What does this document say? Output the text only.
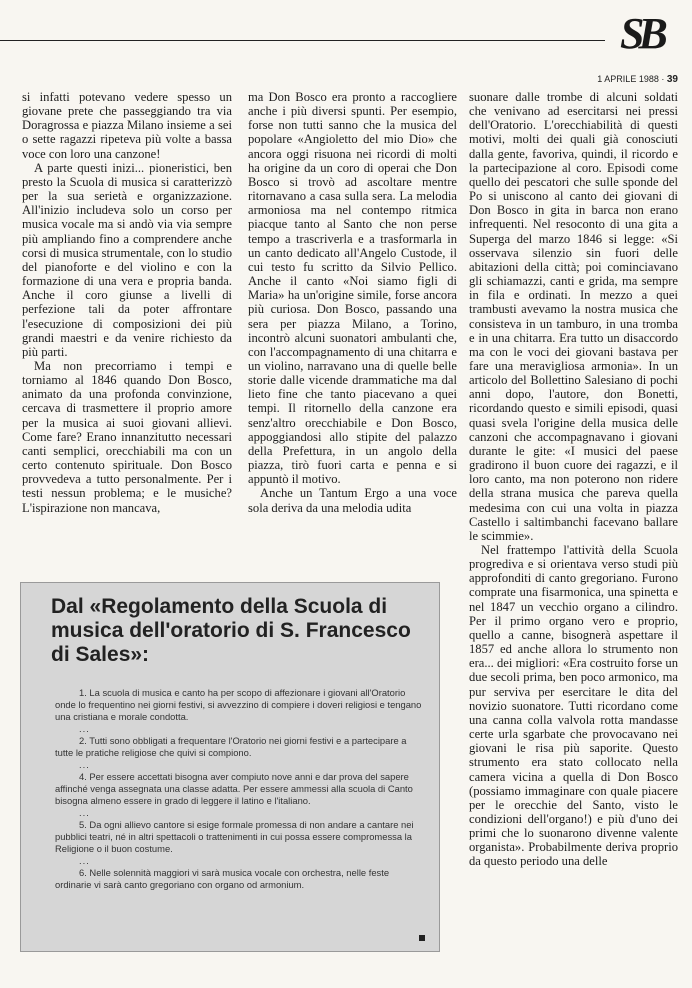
SB
1 APRILE 1988 · 39

si infatti potevano vedere spesso un giovane prete che passeggiando tra via Doragrossa e piazza Milano insieme a sei o sette ragazzi ripeteva più volte a bassa voce con loro una canzone!

A parte questi inizi... pioneristici, ben presto la Scuola di musica si caratterizzò per la sua serietà e organizzazione. All'inizio includeva solo un corso per musica vocale ma si andò via via sempre più ampliando fino a comprendere anche corsi di musica strumentale, con lo studio del pianoforte e del violino e con la formazione di una vera e propria banda. Anche il coro giunse a livelli di perfezione tali da poter affrontare l'esecuzione di composizioni dei più grandi maestri e da venire richiesto da più parti.

Ma non precorriamo i tempi e torniamo al 1846 quando Don Bosco, animato da una profonda convinzione, cercava di trasmettere il proprio amore per la musica ai suoi giovani allievi. Come fare? Erano innanzitutto necessari canti semplici, orecchiabili ma con un certo contenuto spirituale. Don Bosco provvedeva a tutto personalmente. Per i testi nessun problema; e le musiche? L'ispirazione non mancava,

ma Don Bosco era pronto a raccogliere anche i più diversi spunti. Per esempio, forse non tutti sanno che la musica del popolare «Angioletto del mio Dio» che ancora oggi risuona nei ricordi di molti ha origine da un coro di operai che Don Bosco si trovò ad ascoltare mentre ritornavano a casa sulla sera. La melodia armoniosa ma nel contempo ritmica piacque tanto al Santo che non perse tempo a trascriverla e a trasformarla in un canto dedicato all'Angelo Custode, il cui testo fu scritto da Silvio Pellico. Anche il canto «Noi siamo figli di Maria» ha un'origine simile, forse ancora più curiosa. Don Bosco, passando una sera per piazza Milano, a Torino, incontrò alcuni suonatori ambulanti che, con l'accompagnamento di una chitarra e un violino, narravano una di quelle belle storie dalle vicende drammatiche ma dal lieto fine che tanto piacevano a quei tempi. Il ritornello della canzone era senz'altro orecchiabile e Don Bosco, appoggiandosi allo stipite del palazzo della Prefettura, in un angolo della piazza, tirò fuori carta e penna e si appuntò il motivo.

Anche un Tantum Ergo a una voce sola deriva da una melodia udita

suonare dalle trombe di alcuni soldati che venivano ad esercitarsi nei pressi dell'Oratorio. L'orecchiabilità di questi motivi, molti dei quali già conosciuti dalla gente, favoriva, quindi, il ricordo e la partecipazione al coro. Episodi come quello dei pescatori che sulle sponde del Po si uniscono al canto dei giovani di Don Bosco in gita in barca non erano infrequenti. Nel resoconto di una gita a Superga del marzo 1846 si legge: «Si osservava silenzio sin fuori delle abitazioni della città; poi cominciavano gli schiamazzi, canti e grida, ma sempre in fila e ordinati. In mezzo a quei trambusti avevamo la nostra musica che consisteva in un tamburo, in una tromba e in una chitarra. Era tutto un disaccordo ma con le voci dei giovani bastava per fare una meravigliosa armonia». In un articolo del Bollettino Salesiano di pochi anni dopo, l'autore, don Bonetti, ricordando questo e simili episodi, quasi quasi svela l'origine della musica delle canzoni che accompagnavano i giovani durante le gite: «I musici del paese gradirono il buon cuore dei ragazzi, e il loro canto, ma non poterono non ridere della strana musica che pareva quella medesima con cui una volta in piazza Castello i saltimbanchi facevano ballare le scimmie».

Nel frattempo l'attività della Scuola progrediva e si orientava verso studi più approfonditi di canto gregoriano. Furono comprate una fisarmonica, una spinetta e nel 1847 un vecchio organo a cilindro. Per il primo organo vero e proprio, quello a canne, bisognerà aspettare il 1857 ed anche allora lo strumento non era... dei migliori: «Era costruito forse un due secoli prima, ben poco armonico, ma pur serviva per esercitare le dita del novizio suonatore. Tutti ricordano come una canna colla valvola rotta mandasse certe urla sgarbate che provocavano nei giovani le risa più saporite. Questo strumento era stato collocato nella camera vicina a quella di Don Bosco (possiamo immaginare con quale piacere per le orecchie del Santo, visto le condizioni dell'organo!) e più d'uno dei primi che lo suonarono divenne valente organista». Probabilmente deriva proprio da questo periodo una delle

Dal «Regolamento della Scuola di musica dell'oratorio di S. Francesco di Sales»:
1. La scuola di musica e canto ha per scopo di affezionare i giovani all'Oratorio onde lo frequentino nei giorni festivi, si avvezzino di compiere i doveri religiosi e tengano una cristiana e morale condotta.
...
2. Tutti sono obbligati a frequentare l'Oratorio nei giorni festivi e a partecipare a tutte le pratiche religiose che quivi si compiono.
...
4. Per essere accettati bisogna aver compiuto nove anni e dar prova del sapere affinché venga assegnata una classe adatta. Per essere ammessi alla scuola di Canto bisogna almeno essere in grado di leggere il latino e l'italiano.
...
5. Da ogni allievo cantore si esige formale promessa di non andare a cantare nei pubblici teatri, né in altri spettacoli o trattenimenti in cui possa essere compromessa la Religione o il buon costume.
...
6. Nelle solennità maggiori vi sarà musica vocale con orchestra, nelle feste ordinarie vi sarà canto gregoriano con organo od armonium.
